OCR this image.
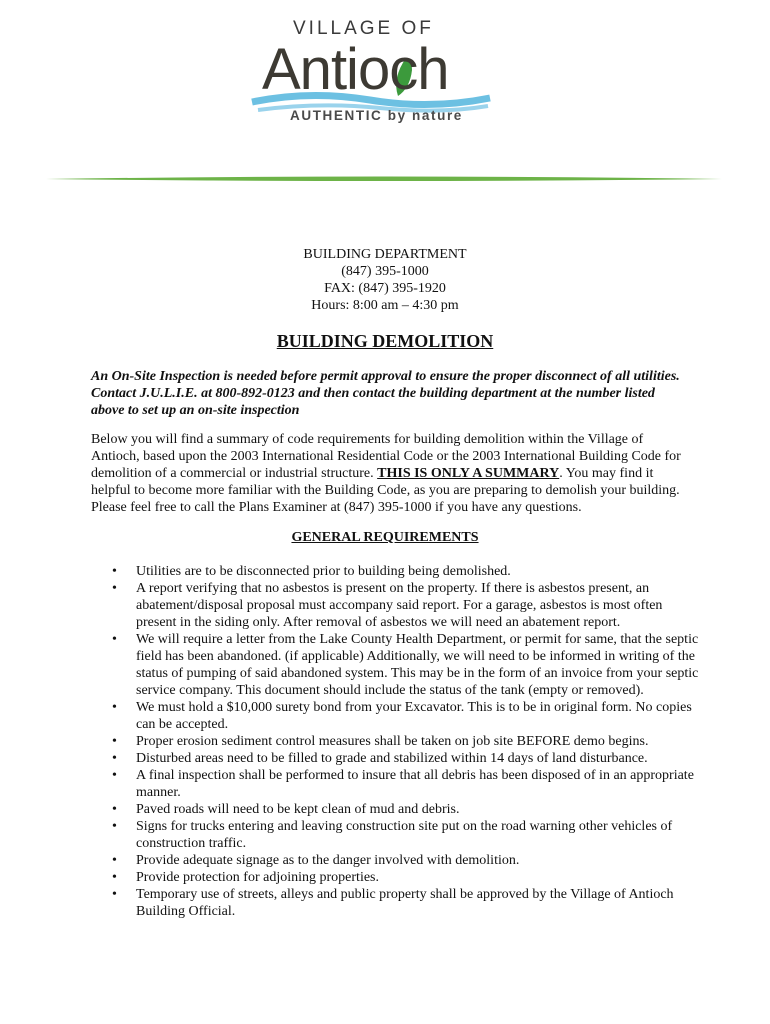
VILLAGE OF
Antioch
AUTHENTIC by nature
BUILDING DEPARTMENT
(847) 395-1000
FAX: (847) 395-1920
Hours: 8:00 am – 4:30 pm
BUILDING DEMOLITION
An On-Site Inspection is needed before permit approval to ensure the proper disconnect of all utilities. Contact J.U.L.I.E. at 800-892-0123 and then contact the building department at the number listed above to set up an on-site inspection
Below you will find a summary of code requirements for building demolition within the Village of Antioch, based upon the 2003 International Residential Code or the 2003 International Building Code for demolition of a commercial or industrial structure. THIS IS ONLY A SUMMARY. You may find it helpful to become more familiar with the Building Code, as you are preparing to demolish your building. Please feel free to call the Plans Examiner at (847) 395-1000 if you have any questions.
GENERAL REQUIREMENTS
• Utilities are to be disconnected prior to building being demolished.
• A report verifying that no asbestos is present on the property. If there is asbestos present, an abatement/disposal proposal must accompany said report. For a garage, asbestos is most often present in the siding only. After removal of asbestos we will need an abatement report.
• We will require a letter from the Lake County Health Department, or permit for same, that the septic field has been abandoned. (if applicable) Additionally, we will need to be informed in writing of the status of pumping of said abandoned system. This may be in the form of an invoice from your septic service company. This document should include the status of the tank (empty or removed).
• We must hold a $10,000 surety bond from your Excavator. This is to be in original form. No copies can be accepted.
• Proper erosion sediment control measures shall be taken on job site BEFORE demo begins.
• Disturbed areas need to be filled to grade and stabilized within 14 days of land disturbance.
• A final inspection shall be performed to insure that all debris has been disposed of in an appropriate manner.
• Paved roads will need to be kept clean of mud and debris.
• Signs for trucks entering and leaving construction site put on the road warning other vehicles of construction traffic.
• Provide adequate signage as to the danger involved with demolition.
• Provide protection for adjoining properties.
• Temporary use of streets, alleys and public property shall be approved by the Village of Antioch Building Official.
